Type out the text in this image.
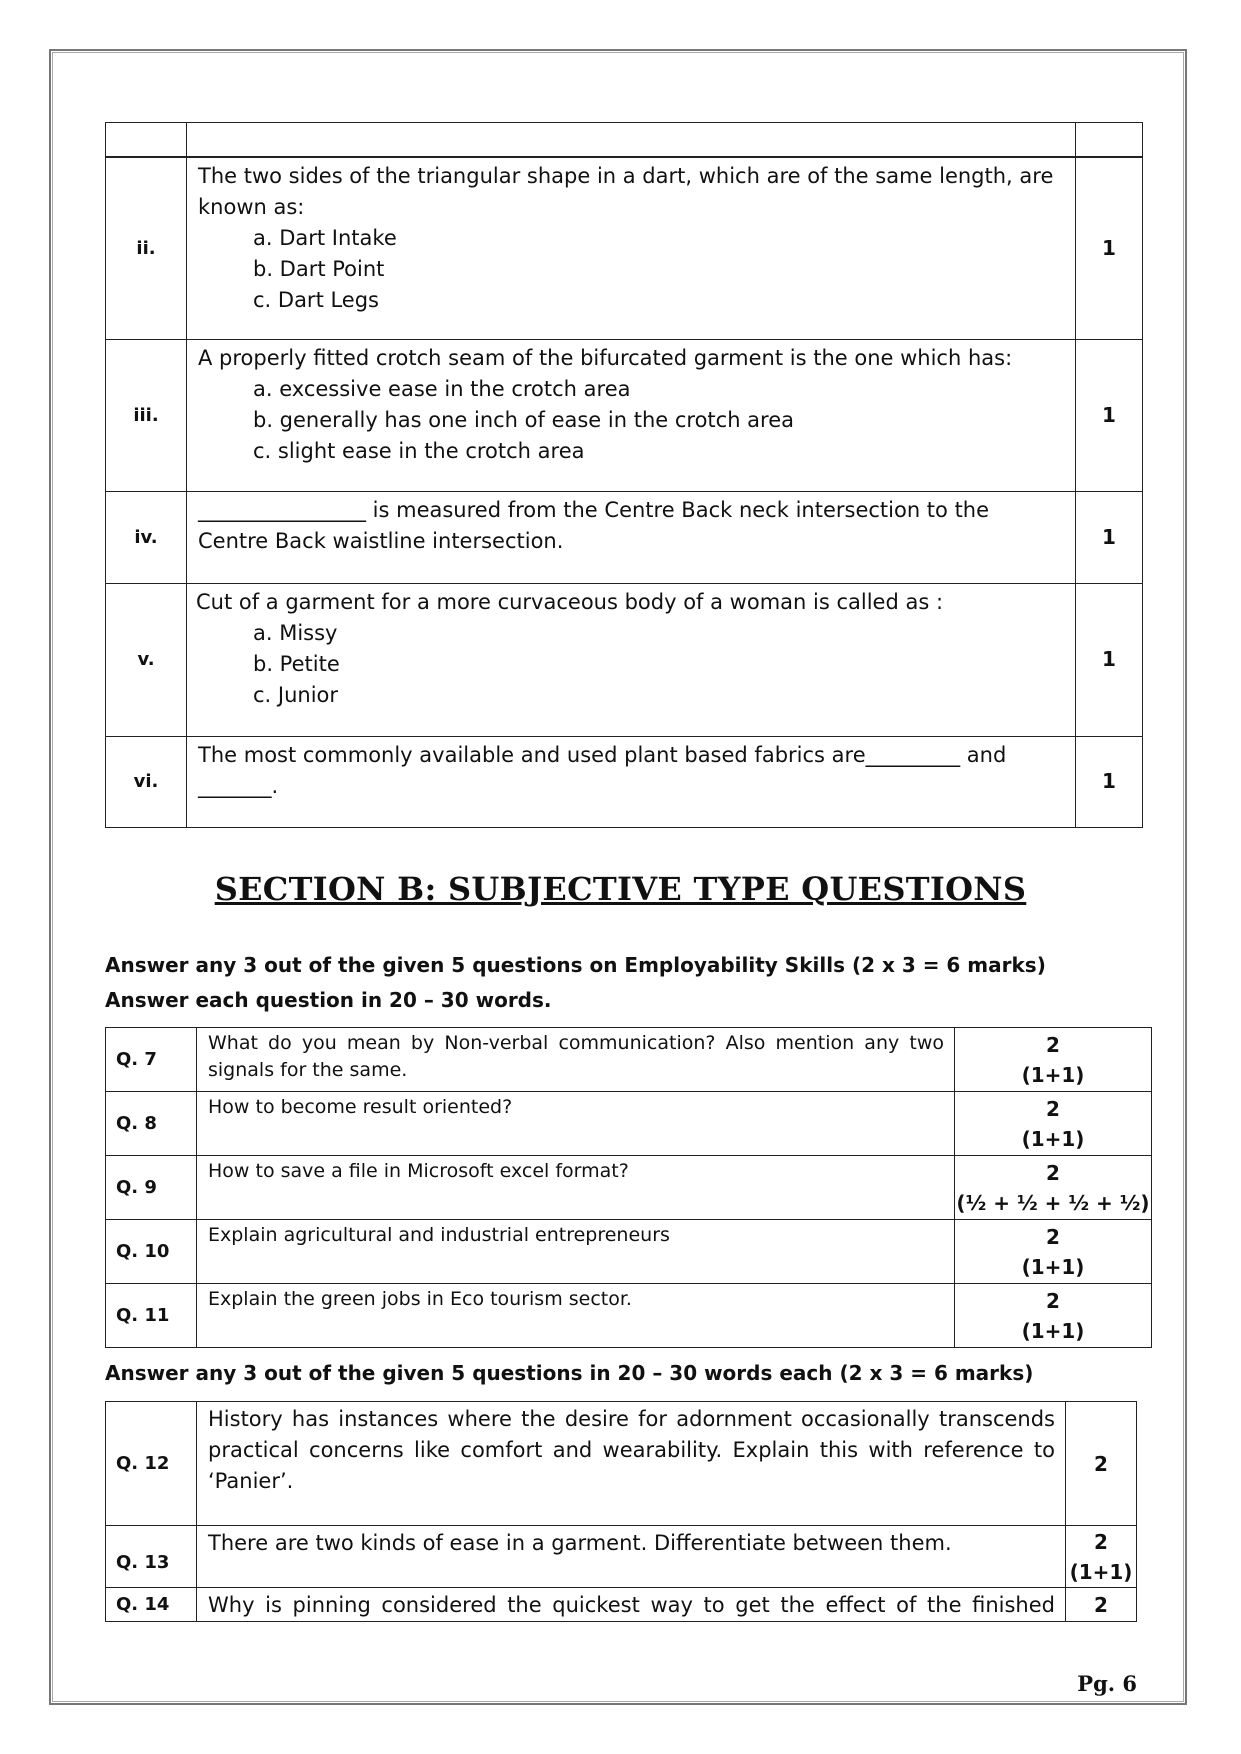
ii.	The two sides of the triangular shape in a dart, which are of the same length, are known as:
a. Dart Intake
b. Dart Point
c. Dart Legs	1
iii.	A properly fitted crotch seam of the bifurcated garment is the one which has:
a. excessive ease in the crotch area
b. generally has one inch of ease in the crotch area
c. slight ease in the crotch area	1
iv.	________________ is measured from the Centre Back neck intersection to the Centre Back waistline intersection.	1
v.	Cut of a garment for a more curvaceous body of a woman is called as :
a. Missy
b. Petite
c. Junior	1
vi.	The most commonly available and used plant based fabrics are_________ and _______.	1
SECTION B: SUBJECTIVE TYPE QUESTIONS
Answer any 3 out of the given 5 questions on Employability Skills (2 x 3 = 6 marks)
Answer each question in 20 – 30 words.
Q. 7	What do you mean by Non-verbal communication? Also mention any two signals for the same.	2
(1+1)

Q. 8	How to become result oriented?	2
(1+1)

Q. 9	How to save a file in Microsoft excel format?	2
(½ + ½ + ½ + ½)

Q. 10	Explain agricultural and industrial entrepreneurs	2
(1+1)

Q. 11	Explain the green jobs in Eco tourism sector.	2
(1+1)
Answer any 3 out of the given 5 questions in 20 – 30 words each (2 x 3 = 6 marks)
Q. 12	History has instances where the desire for adornment occasionally transcends practical concerns like comfort and wearability. Explain this with reference to ‘Panier’.	2
Q. 13	There are two kinds of ease in a garment. Differentiate between them.	2
(1+1)

Q. 14	Why is pinning considered the quickest way to get the effect of the finished	2
Pg. 6
